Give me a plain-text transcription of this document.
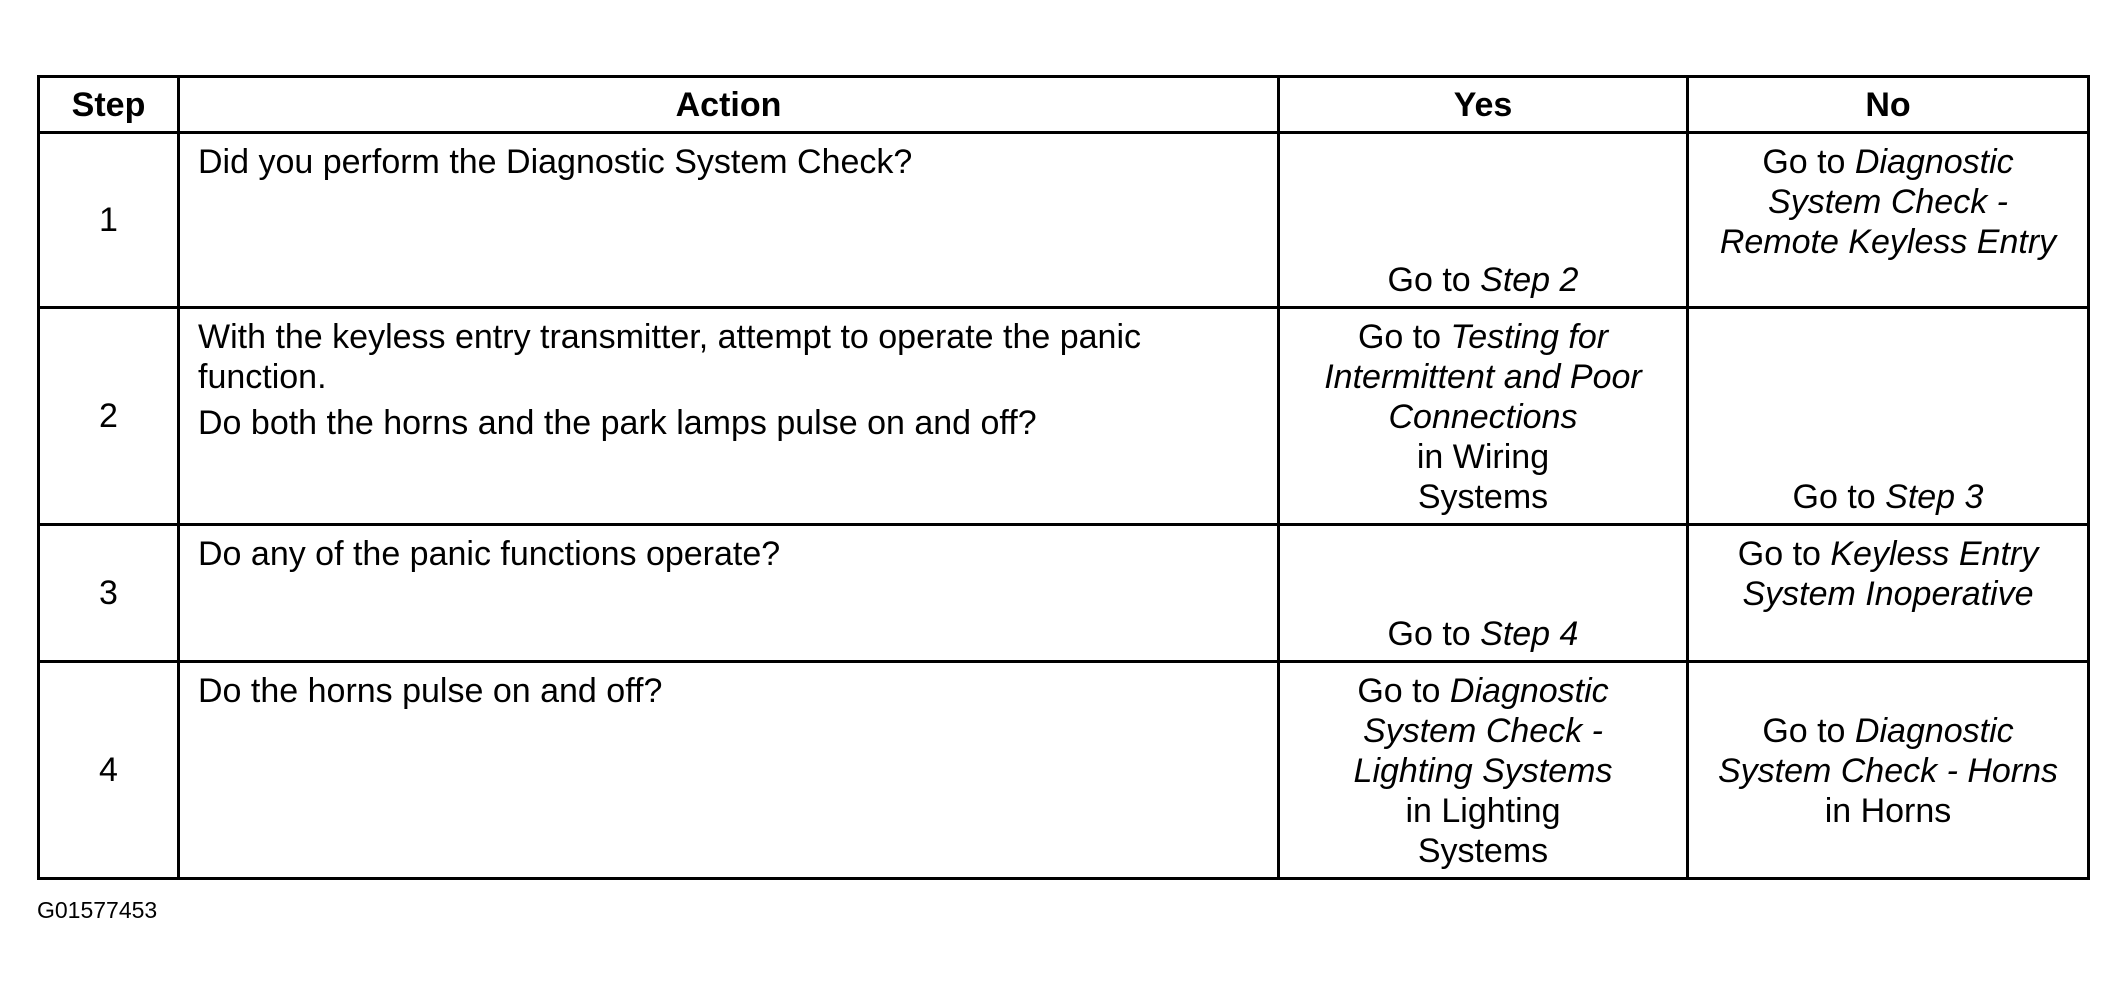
Step	Action	Yes	No
1	Did you perform the Diagnostic System Check?	Go to Step 2	Go to Diagnostic
System Check -
Remote Keyless Entry

2	With the keyless entry transmitter, attempt to operate the panic function.
Do both the horns and the park lamps pulse on and off?	Go to Testing for
Intermittent and Poor
Connections
in Wiring
Systems	Go to Step 3
3	Do any of the panic functions operate?	Go to Step 4	Go to Keyless Entry
System Inoperative

4	Do the horns pulse on and off?	Go to Diagnostic
System Check -
Lighting Systems
in Lighting
Systems	Go to Diagnostic
System Check - Horns
in Horns
G01577453
